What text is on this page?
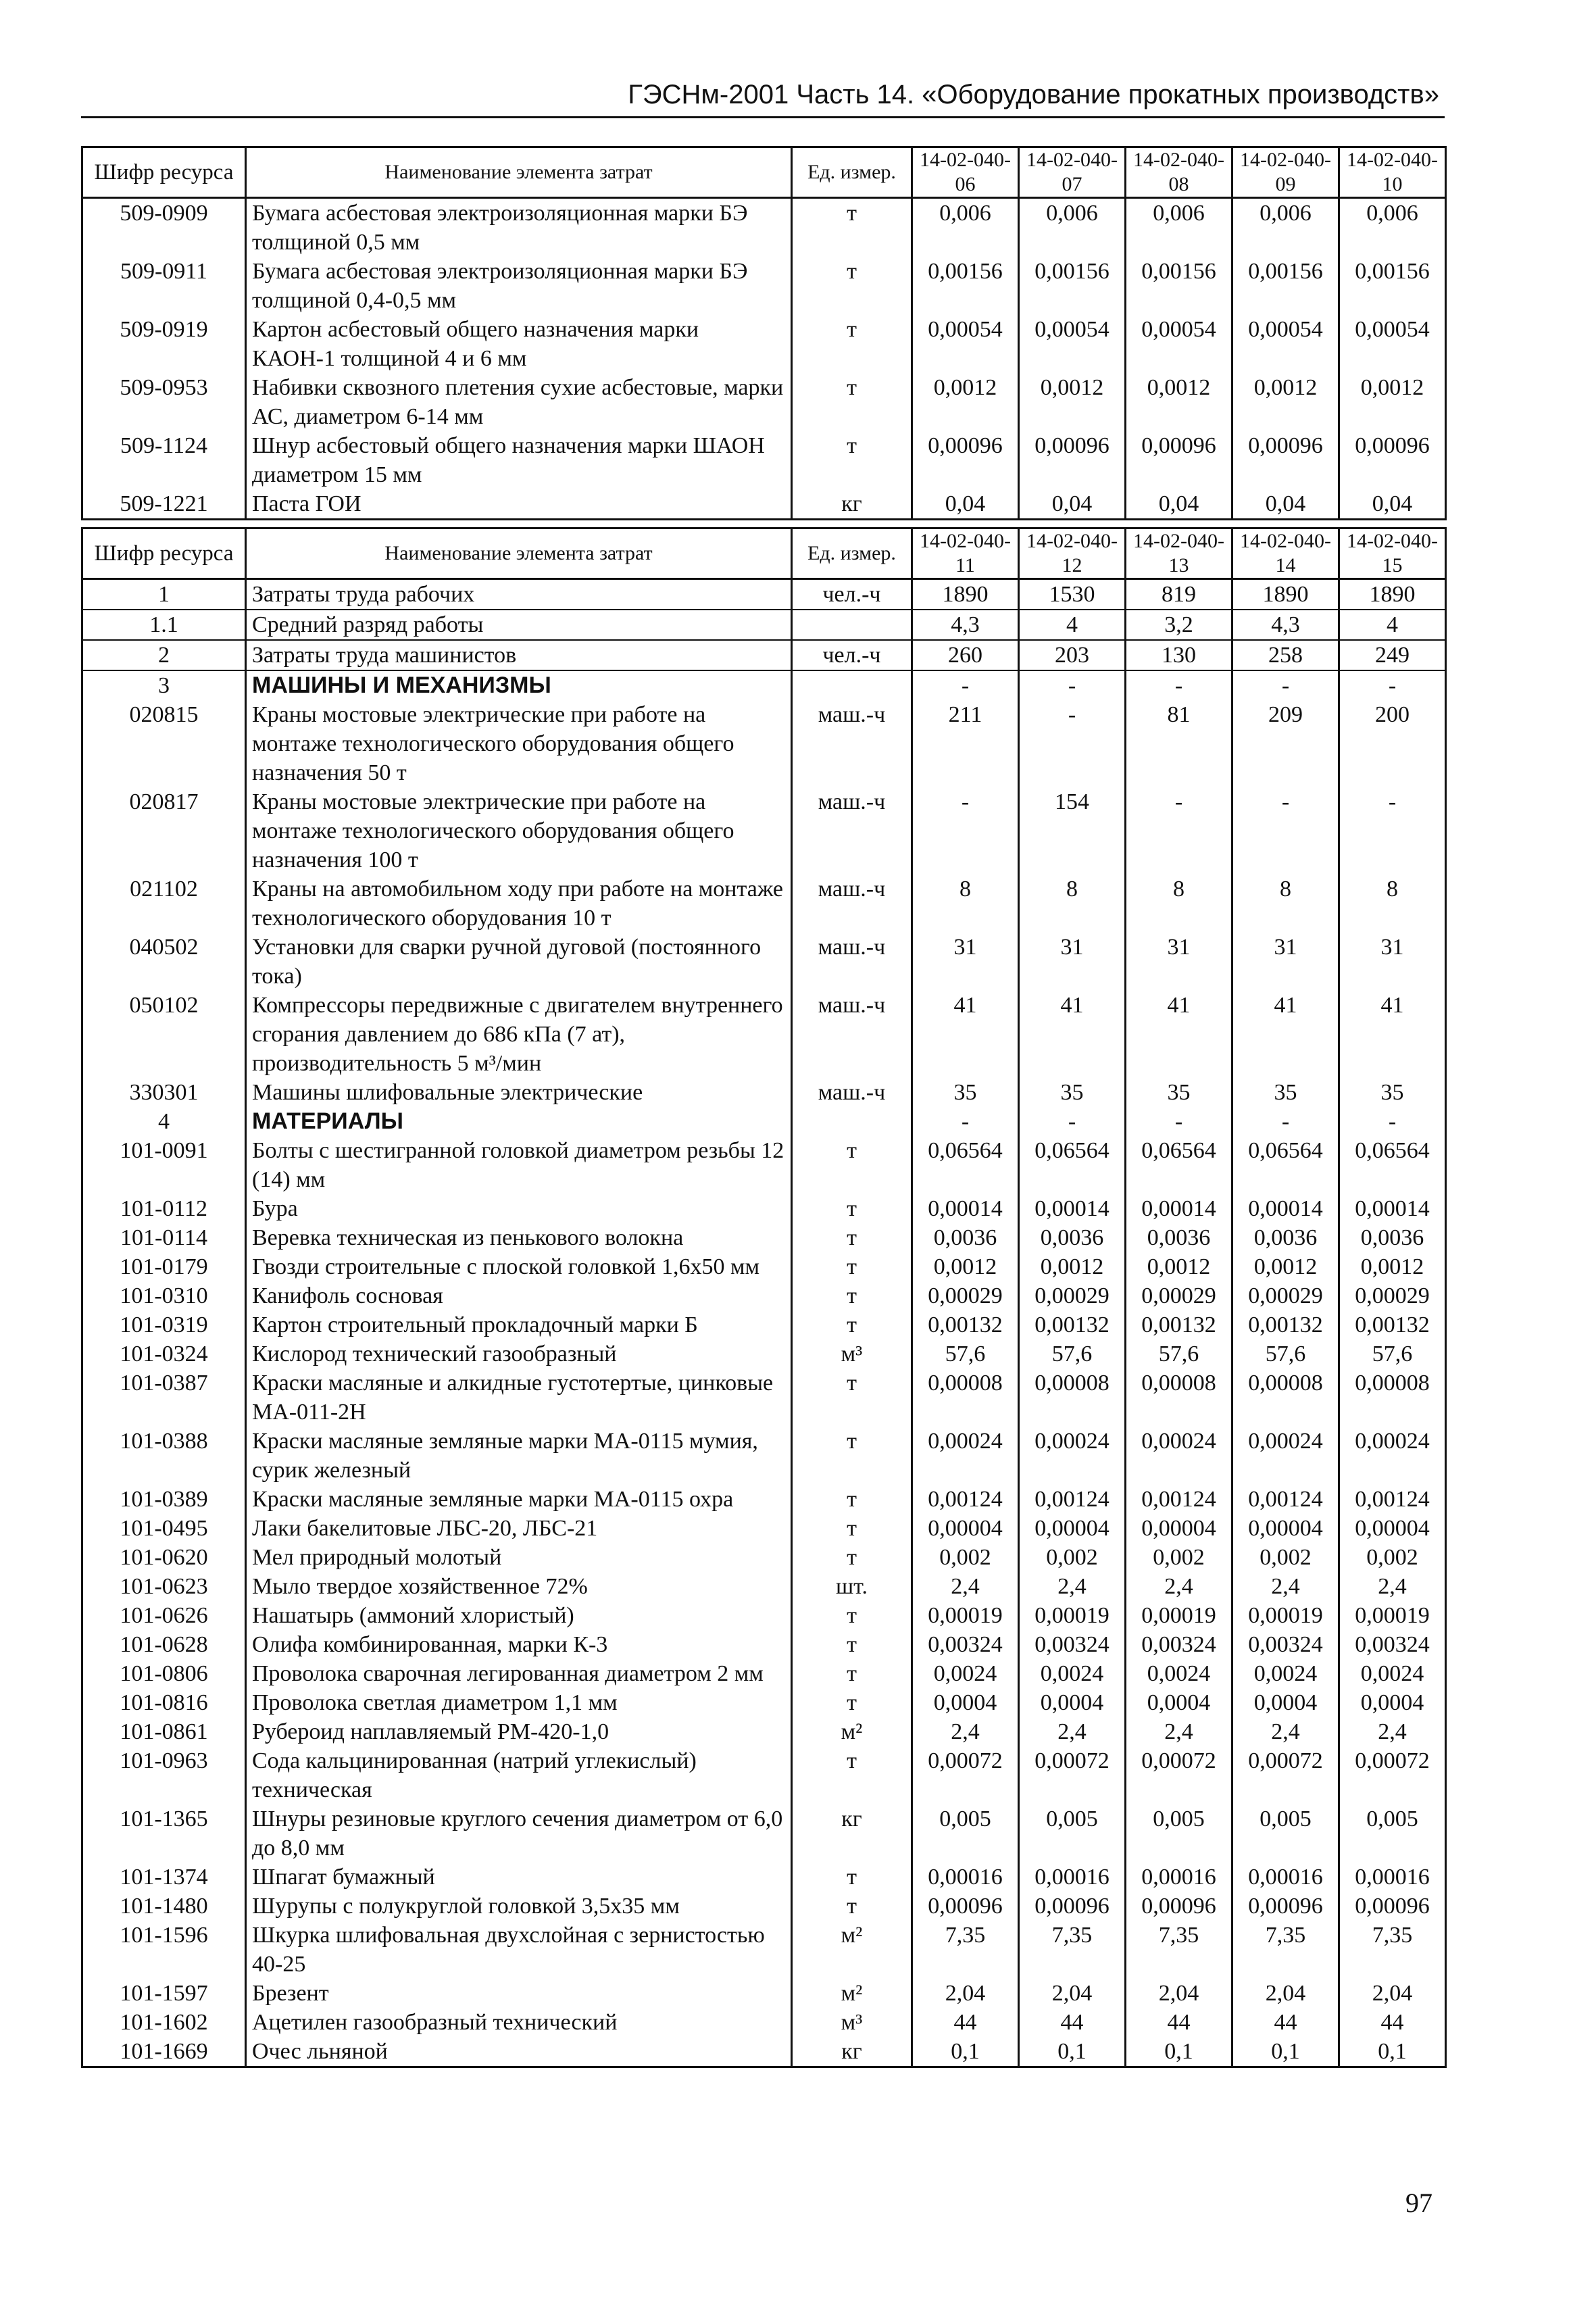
ГЭСНм-2001 Часть 14. «Оборудование прокатных производств»
Шифр ресурса	Наименование элемента затрат	Ед. измер.	14-02-040-06	14-02-040-07	14-02-040-08	14-02-040-09	14-02-040-10
509-0909	Бумага асбестовая электроизоляционная марки БЭ толщиной 0,5 мм	т	0,006	0,006	0,006	0,006	0,006
509-0911	Бумага асбестовая электроизоляционная марки БЭ толщиной 0,4-0,5 мм	т	0,00156	0,00156	0,00156	0,00156	0,00156
509-0919	Картон асбестовый общего назначения марки КАОН-1 толщиной 4 и 6 мм	т	0,00054	0,00054	0,00054	0,00054	0,00054
509-0953	Набивки сквозного плетения сухие асбестовые, марки АС, диаметром 6-14 мм	т	0,0012	0,0012	0,0012	0,0012	0,0012
509-1124	Шнур асбестовый общего назначения марки ШАОН диаметром 15 мм	т	0,00096	0,00096	0,00096	0,00096	0,00096
509-1221	Паста ГОИ	кг	0,04	0,04	0,04	0,04	0,04
Шифр ресурса	Наименование элемента затрат	Ед. измер.	14-02-040-11	14-02-040-12	14-02-040-13	14-02-040-14	14-02-040-15
1	Затраты труда рабочих	чел.-ч	1890	1530	819	1890	1890
1.1	Средний разряд работы		4,3	4	3,2	4,3	4
2	Затраты труда машинистов	чел.-ч	260	203	130	258	249
3	МАШИНЫ И МЕХАНИЗМЫ		-	-	-	-	-
020815	Краны мостовые электрические при работе на монтаже технологического оборудования общего назначения 50 т	маш.-ч	211	-	81	209	200
020817	Краны мостовые электрические при работе на монтаже технологического оборудования общего назначения 100 т	маш.-ч	-	154	-	-	-
021102	Краны на автомобильном ходу при работе на монтаже технологического оборудования 10 т	маш.-ч	8	8	8	8	8
040502	Установки для сварки ручной дуговой (постоянного тока)	маш.-ч	31	31	31	31	31
050102	Компрессоры передвижные с двигателем внутреннего сгорания давлением до 686 кПа (7 ат), производительность 5 м³/мин	маш.-ч	41	41	41	41	41
330301	Машины шлифовальные электрические	маш.-ч	35	35	35	35	35
4	МАТЕРИАЛЫ		-	-	-	-	-
101-0091	Болты с шестигранной головкой диаметром резьбы 12 (14) мм	т	0,06564	0,06564	0,06564	0,06564	0,06564
101-0112	Бура	т	0,00014	0,00014	0,00014	0,00014	0,00014
101-0114	Веревка техническая из пенькового волокна	т	0,0036	0,0036	0,0036	0,0036	0,0036
101-0179	Гвозди строительные с плоской головкой 1,6х50 мм	т	0,0012	0,0012	0,0012	0,0012	0,0012
101-0310	Канифоль сосновая	т	0,00029	0,00029	0,00029	0,00029	0,00029
101-0319	Картон строительный прокладочный марки Б	т	0,00132	0,00132	0,00132	0,00132	0,00132
101-0324	Кислород технический газообразный	м³	57,6	57,6	57,6	57,6	57,6
101-0387	Краски масляные и алкидные густотертые, цинковые МА-011-2Н	т	0,00008	0,00008	0,00008	0,00008	0,00008
101-0388	Краски масляные земляные марки МА-0115 мумия, сурик железный	т	0,00024	0,00024	0,00024	0,00024	0,00024
101-0389	Краски масляные земляные марки МА-0115 охра	т	0,00124	0,00124	0,00124	0,00124	0,00124
101-0495	Лаки бакелитовые ЛБС-20, ЛБС-21	т	0,00004	0,00004	0,00004	0,00004	0,00004
101-0620	Мел природный молотый	т	0,002	0,002	0,002	0,002	0,002
101-0623	Мыло твердое хозяйственное 72%	шт.	2,4	2,4	2,4	2,4	2,4
101-0626	Нашатырь (аммоний хлористый)	т	0,00019	0,00019	0,00019	0,00019	0,00019
101-0628	Олифа комбинированная, марки К-3	т	0,00324	0,00324	0,00324	0,00324	0,00324
101-0806	Проволока сварочная легированная диаметром 2 мм	т	0,0024	0,0024	0,0024	0,0024	0,0024
101-0816	Проволока светлая диаметром 1,1 мм	т	0,0004	0,0004	0,0004	0,0004	0,0004
101-0861	Рубероид наплавляемый РМ-420-1,0	м²	2,4	2,4	2,4	2,4	2,4
101-0963	Сода кальцинированная (натрий углекислый) техническая	т	0,00072	0,00072	0,00072	0,00072	0,00072
101-1365	Шнуры резиновые круглого сечения диаметром от 6,0 до 8,0 мм	кг	0,005	0,005	0,005	0,005	0,005
101-1374	Шпагат бумажный	т	0,00016	0,00016	0,00016	0,00016	0,00016
101-1480	Шурупы с полукруглой головкой 3,5х35 мм	т	0,00096	0,00096	0,00096	0,00096	0,00096
101-1596	Шкурка шлифовальная двухслойная с зернистостью 40-25	м²	7,35	7,35	7,35	7,35	7,35
101-1597	Брезент	м²	2,04	2,04	2,04	2,04	2,04
101-1602	Ацетилен газообразный технический	м³	44	44	44	44	44
101-1669	Очес льняной	кг	0,1	0,1	0,1	0,1	0,1
97
